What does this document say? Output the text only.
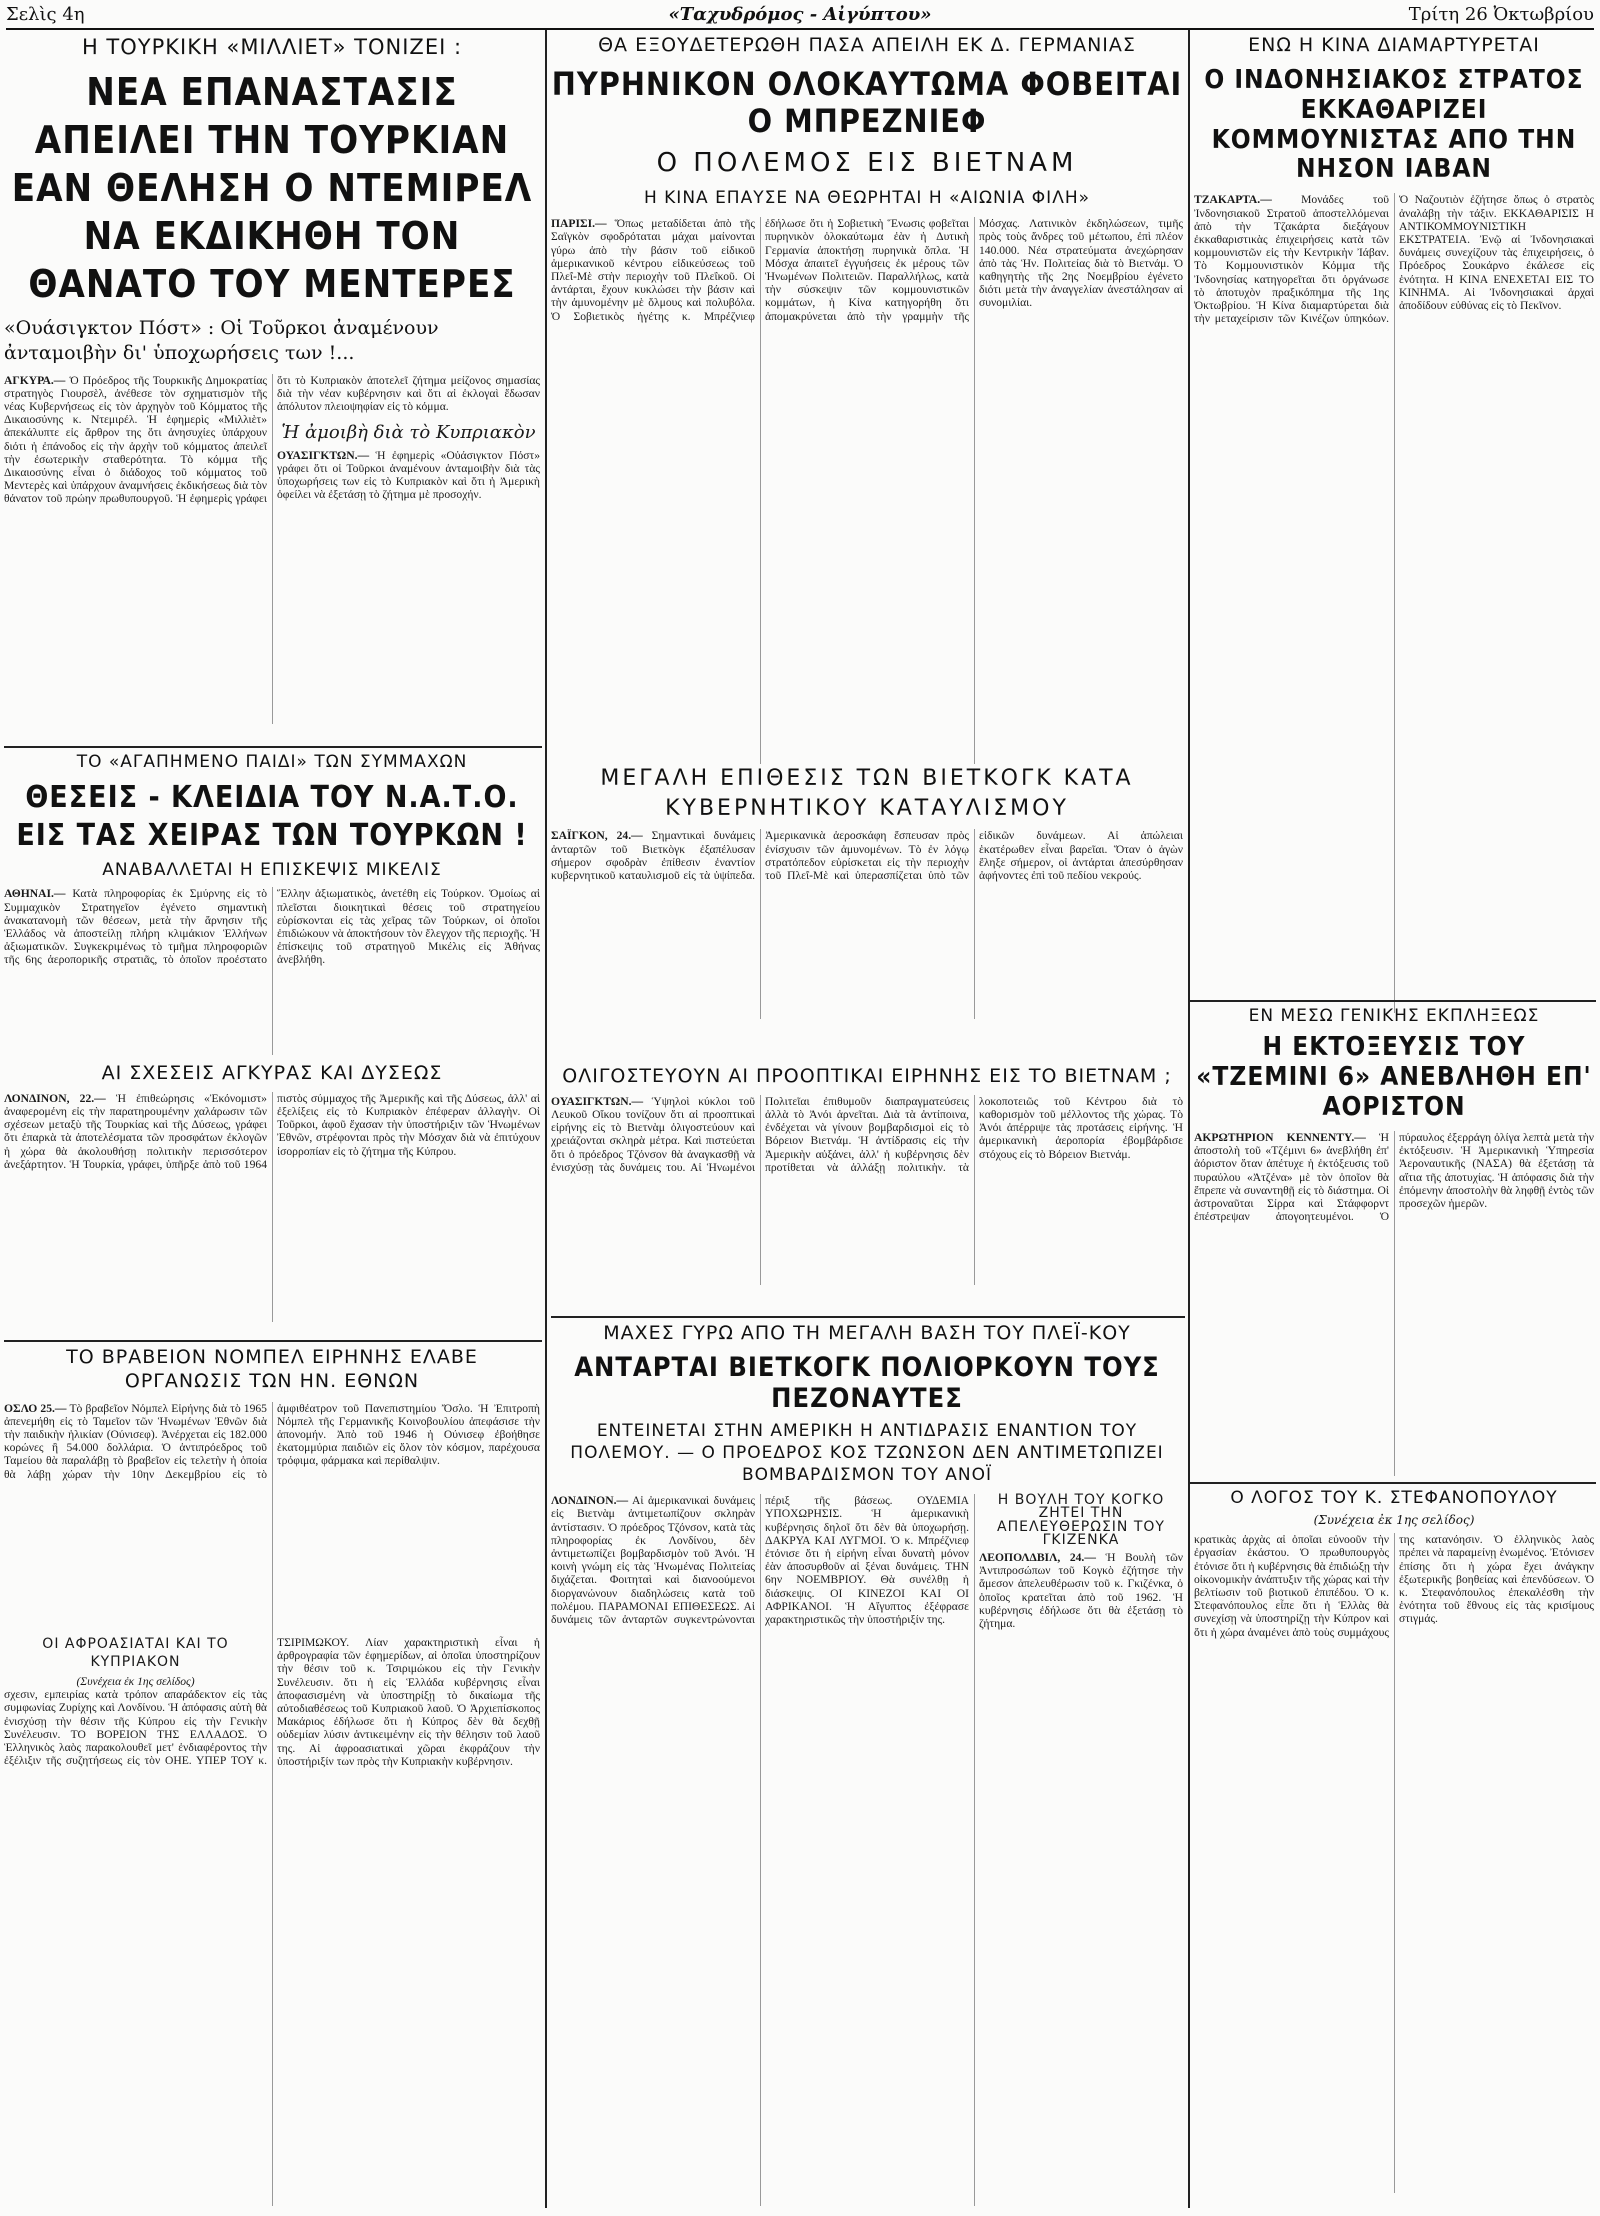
Σελὶς 4η	«Ταχυδρόμος - Αἰγύπτου»	Τρίτη 26 Ὀκτωβρίου
Η ΤΟΥΡΚΙΚΗ «ΜΙΛΛΙΕΤ» ΤΟΝΙΖΕΙ :
ΝΕΑ ΕΠΑΝΑΣΤΑΣΙΣ ΑΠΕΙΛΕΙ ΤΗΝ ΤΟΥΡΚΙΑΝ ΕΑΝ ΘΕΛΗΣΗ Ο ΝΤΕΜΙΡΕΛ ΝΑ ΕΚΔΙΚΗΘΗ ΤΟΝ ΘΑΝΑΤΟ ΤΟΥ ΜΕΝΤΕΡΕΣ
«Ουάσιγκτον Πόστ» : Οἱ Τοῦρκοι ἀναμένουν ἀνταμοιβὴν δι' ὑποχωρήσεις των !...
ΑΓΚΥΡΑ.— Ὁ Πρόεδρος τῆς Τουρκικῆς Δημοκρατίας στρατηγὸς Γιουρσὲλ, ἀνέθεσε τὸν σχηματισμὸν τῆς νέας Κυβερνήσεως εἰς τὸν ἀρχηγὸν τοῦ Κόμματος τῆς Δικαιοσύνης κ. Ντεμιρέλ. Ἡ ἐφημερὶς «Μιλλιὲτ» ἀπεκάλυπτε εἰς ἄρθρον της ὅτι ἀνησυχίες ὑπάρχουν διότι ἡ ἐπάνοδος εἰς τὴν ἀρχὴν τοῦ κόμματος ἀπειλεῖ τὴν ἐσωτερικὴν σταθερότητα. Τὸ κόμμα τῆς Δικαιοσύνης εἶναι ὁ διάδοχος τοῦ κόμματος τοῦ Μεντερὲς καὶ ὑπάρχουν ἀναμνήσεις ἐκδικήσεως διὰ τὸν θάνατον τοῦ πρώην πρωθυπουργοῦ. Ἡ ἐφημερὶς γράφει ὅτι τὸ Κυπριακὸν ἀποτελεῖ ζήτημα μείζονος σημασίας διὰ τὴν νέαν κυβέρνησιν καὶ ὅτι αἱ ἐκλογαὶ ἔδωσαν ἀπόλυτον πλειοψηφίαν εἰς τὸ κόμμα.
Ἡ ἀμοιβὴ διὰ τὸ Κυπριακὸν
ΟΥΑΣΙΓΚΤΩΝ.— Ἡ ἐφημερὶς «Οὐάσιγκτον Πόστ» γράφει ὅτι οἱ Τοῦρκοι ἀναμένουν ἀνταμοιβὴν διὰ τὰς ὑποχωρήσεις των εἰς τὸ Κυπριακὸν καὶ ὅτι ἡ Ἀμερικὴ ὀφείλει νὰ ἐξετάσῃ τὸ ζήτημα μὲ προσοχήν.
ΤΟ «ΑΓΑΠΗΜΕΝΟ ΠΑΙΔΙ» ΤΩΝ ΣΥΜΜΑΧΩΝ
ΘΕΣΕΙΣ - ΚΛΕΙΔΙΑ ΤΟΥ Ν.Α.Τ.Ο. ΕΙΣ ΤΑΣ ΧΕΙΡΑΣ ΤΩΝ ΤΟΥΡΚΩΝ !
ΑΝΑΒΑΛΛΕΤΑΙ Η ΕΠΙΣΚΕΨΙΣ ΜΙΚΕΛΙΣ
ΑΘΗΝΑΙ.— Κατὰ πληροφορίας ἐκ Σμύρνης εἰς τὸ Συμμαχικὸν Στρατηγεῖον ἐγένετο σημαντικὴ ἀνακατανομὴ τῶν θέσεων, μετὰ τὴν ἄρνησιν τῆς Ἑλλάδος νὰ ἀποστείλῃ πλήρη κλιμάκιον Ἑλλήνων ἀξιωματικῶν. Συγκεκριμένως τὸ τμῆμα πληροφοριῶν τῆς 6ης ἀεροπορικῆς στρατιᾶς, τὸ ὁποῖον προέστατο Ἕλλην ἀξιωματικὸς, ἀνετέθη εἰς Τούρκον. Ὁμοίως αἱ πλεῖσται διοικητικαὶ θέσεις τοῦ στρατηγείου εὑρίσκονται εἰς τὰς χεῖρας τῶν Τούρκων, οἱ ὁποῖοι ἐπιδιώκουν νὰ ἀποκτήσουν τὸν ἔλεγχον τῆς περιοχῆς. Ἡ ἐπίσκεψις τοῦ στρατηγοῦ Μικέλις εἰς Ἀθήνας ἀνεβλήθη.
ΑΙ ΣΧΕΣΕΙΣ ΑΓΚΥΡΑΣ ΚΑΙ ΔΥΣΕΩΣ
ΛΟΝΔΙΝΟΝ, 22.— Ἡ ἐπιθεώρησις «Ἐκόνομιστ» ἀναφερομένη εἰς τὴν παρατηρουμένην χαλάρωσιν τῶν σχέσεων μεταξὺ τῆς Τουρκίας καὶ τῆς Δύσεως, γράφει ὅτι ἐπαρκὰ τὰ ἀποτελέσματα τῶν προσφάτων ἐκλογῶν ἡ χώρα θὰ ἀκολουθήσῃ πολιτικὴν περισσότερον ἀνεξάρτητον. Ἡ Τουρκία, γράφει, ὑπῆρξε ἀπὸ τοῦ 1964 πιστὸς σύμμαχος τῆς Ἀμερικῆς καὶ τῆς Δύσεως, ἀλλ' αἱ ἐξελίξεις εἰς τὸ Κυπριακὸν ἐπέφεραν ἀλλαγὴν. Οἱ Τοῦρκοι, ἀφοῦ ἔχασαν τὴν ὑποστήριξιν τῶν Ἡνωμένων Ἐθνῶν, στρέφονται πρὸς τὴν Μόσχαν διὰ νὰ ἐπιτύχουν ἰσορροπίαν εἰς τὸ ζήτημα τῆς Κύπρου.
ΤΟ ΒΡΑΒΕΙΟΝ ΝΟΜΠΕΛ ΕΙΡΗΝΗΣ ΕΛΑΒΕ ΟΡΓΑΝΩΣΙΣ ΤΩΝ ΗΝ. ΕΘΝΩΝ
ΟΣΛΟ 25.— Τὸ βραβεῖον Νόμπελ Εἰρήνης διὰ τὸ 1965 ἀπενεμήθη εἰς τὸ Ταμεῖον τῶν Ἡνωμένων Ἐθνῶν διὰ τὴν παιδικὴν ἡλικίαν (Ούνισεφ). Ἀνέρχεται εἰς 182.000 κορώνες ἢ 54.000 δολλάρια. Ὁ ἀντιπρόεδρος τοῦ Ταμείου θὰ παραλάβῃ τὸ βραβεῖον εἰς τελετὴν ἡ ὁποία θὰ λάβῃ χώραν τὴν 10ην Δεκεμβρίου εἰς τὸ ἀμφιθέατρον τοῦ Πανεπιστημίου Ὄσλο. Ἡ Ἐπιτροπὴ Νόμπελ τῆς Γερμανικῆς Κοινοβουλίου ἀπεφάσισε τὴν ἀπονομήν. Ἀπὸ τοῦ 1946 ἡ Ούνισεφ ἐβοήθησε ἑκατομμύρια παιδιῶν εἰς ὅλον τὸν κόσμον, παρέχουσα τρόφιμα, φάρμακα καὶ περίθαλψιν.
ΟΙ ΑΦΡΟΑΣΙΑΤΑΙ ΚΑΙ ΤΟ ΚΥΠΡΙΑΚΟΝ
(Συνέχεια ἐκ 1ης σελίδος)
σχεσιν, εμπειρίας κατὰ τρόπον απαράδεκτον εἰς τὰς συμφωνίας Ζυρίχης καὶ Λονδίνου. Ἡ ἀπόφασις αὐτὴ θὰ ἐνισχύσῃ τὴν θέσιν τῆς Κύπρου εἰς τὴν Γενικὴν Συνέλευσιν. ΤΟ ΒΟΡΕΙΟΝ ΤΗΣ ΕΛΛΑΔΟΣ. Ὁ Ἑλληνικὸς λαὸς παρακολουθεῖ μετ' ἐνδιαφέροντος τὴν ἐξέλιξιν τῆς συζητήσεως εἰς τὸν ΟΗΕ. ΥΠΕΡ ΤΟΥ κ. ΤΣΙΡΙΜΩΚΟΥ. Λίαν χαρακτηριστικὴ εἶναι ἡ ἀρθρογραφία τῶν ἐφημερίδων, αἱ ὁποῖαι ὑποστηρίζουν τὴν θέσιν τοῦ κ. Τσιριμώκου εἰς τὴν Γενικὴν Συνέλευσιν. ὅτι ἡ εἰς Ἑλλάδα κυβέρνησις εἶναι ἀποφασισμένη νὰ ὑποστηρίξῃ τὸ δικαίωμα τῆς αὐτοδιαθέσεως τοῦ Κυπριακοῦ λαοῦ. Ὁ Ἀρχιεπίσκοπος Μακάριος ἐδήλωσε ὅτι ἡ Κύπρος δὲν θὰ δεχθῇ οὐδεμίαν λύσιν ἀντικειμένην εἰς τὴν θέλησιν τοῦ λαοῦ της. Αἱ ἀφροασιατικαὶ χῶραι ἐκφράζουν τὴν ὑποστήριξίν των πρὸς τὴν Κυπριακὴν κυβέρνησιν.
ΘΑ ΕΞΟΥΔΕΤΕΡΩΘΗ ΠΑΣΑ ΑΠΕΙΛΗ ΕΚ Δ. ΓΕΡΜΑΝΙΑΣ
ΠΥΡΗΝΙΚΟΝ ΟΛΟΚΑΥΤΩΜΑ ΦΟΒΕΙΤΑΙ Ο ΜΠΡΕΖΝΙΕΦ
Ο ΠΟΛΕΜΟΣ ΕΙΣ ΒΙΕΤΝΑΜ
Η ΚΙΝΑ ΕΠΑΥΣΕ ΝΑ ΘΕΩΡΗΤΑΙ Η «ΑΙΩΝΙΑ ΦΙΛΗ»
ΠΑΡΙΣΙ.— Ὅπως μεταδίδεται ἀπὸ τῆς Σαϊγκὸν σφοδρόταται μάχαι μαίνονται γύρω ἀπὸ τὴν βάσιν τοῦ εἰδικοῦ ἀμερικανικοῦ κέντρου εἰδικεύσεως τοῦ Πλεΐ-Μὲ στὴν περιοχὴν τοῦ Πλεΐκοῦ. Οἱ ἀντάρται, ἔχουν κυκλώσει τὴν βάσιν καὶ τὴν ἀμυνομένην μὲ ὅλμους καὶ πολυβόλα. Ὁ Σοβιετικὸς ἡγέτης κ. Μπρέζνιεφ ἐδήλωσε ὅτι ἡ Σοβιετικὴ Ἕνωσις φοβεῖται πυρηνικὸν ὁλοκαύτωμα ἐὰν ἡ Δυτικὴ Γερμανία ἀποκτήσῃ πυρηνικὰ ὅπλα. Ἡ Μόσχα ἀπαιτεῖ ἐγγυήσεις ἐκ μέρους τῶν Ἡνωμένων Πολιτειῶν. Παραλλήλως, κατὰ τὴν σύσκεψιν τῶν κομμουνιστικῶν κομμάτων, ἡ Κίνα κατηγορήθη ὅτι ἀπομακρύνεται ἀπὸ τὴν γραμμὴν τῆς Μόσχας. Λατινικὸν ἐκδηλώσεων, τιμῆς πρὸς τοὺς ἄνδρες τοῦ μέτωπου, ἐπὶ πλέον 140.000. Νέα στρατεύματα ἀνεχώρησαν ἀπὸ τὰς Ἡν. Πολιτείας διὰ τὸ Βιετνάμ. Ὁ καθηγητὴς τῆς 2ης Νοεμβρίου ἐγένετο διότι μετὰ τὴν ἀναγγελίαν ἀνεστάλησαν αἱ συνομιλίαι.
ΜΕΓΑΛΗ ΕΠΙΘΕΣΙΣ ΤΩΝ ΒΙΕΤΚΟΓΚ ΚΑΤΑ ΚΥΒΕΡΝΗΤΙΚΟΥ ΚΑΤΑΥΛΙΣΜΟΥ
ΣΑΪΓΚΟΝ, 24.— Σημαντικαὶ δυνάμεις ἀνταρτῶν τοῦ Βιετκὸγκ ἐξαπέλυσαν σήμερον σφοδρὰν ἐπίθεσιν ἐναντίον κυβερνητικοῦ καταυλισμοῦ εἰς τὰ ὑψίπεδα. Ἀμερικανικὰ ἀεροσκάφη ἔσπευσαν πρὸς ἐνίσχυσιν τῶν ἀμυνομένων. Τὸ ἐν λόγῳ στρατόπεδον εὑρίσκεται εἰς τὴν περιοχὴν τοῦ Πλεΐ-Μὲ καὶ ὑπερασπίζεται ὑπὸ τῶν εἰδικῶν δυνάμεων. Αἱ ἀπώλειαι ἑκατέρωθεν εἶναι βαρεῖαι. Ὅταν ὁ ἀγὼν ἔληξε σήμερον, οἱ ἀντάρται ἀπεσύρθησαν ἀφήνοντες ἐπὶ τοῦ πεδίου νεκρούς.
ΟΛΙΓΟΣΤΕΥΟΥΝ ΑΙ ΠΡΟΟΠΤΙΚΑΙ ΕΙΡΗΝΗΣ ΕΙΣ ΤΟ ΒΙΕΤΝΑΜ ;
ΟΥΑΣΙΓΚΤΩΝ.— Ὑψηλοὶ κύκλοι τοῦ Λευκοῦ Οἴκου τονίζουν ὅτι αἱ προοπτικαὶ εἰρήνης εἰς τὸ Βιετνὰμ ὀλιγοστεύουν καὶ χρειάζονται σκληρὰ μέτρα. Καὶ πιστεύεται ὅτι ὁ πρόεδρος Τζόνσον θὰ ἀναγκασθῇ νὰ ἐνισχύσῃ τὰς δυνάμεις του. Αἱ Ἡνωμένοι Πολιτεῖαι ἐπιθυμοῦν διαπραγματεύσεις ἀλλὰ τὸ Ἀνόι ἀρνεῖται. Διὰ τὰ ἀντίποινα, ἐνδέχεται νὰ γίνουν βομβαρδισμοὶ εἰς τὸ Βόρειον Βιετνάμ. Ἡ ἀντίδρασις εἰς τὴν Ἀμερικὴν αὐξάνει, ἀλλ' ἡ κυβέρνησις δὲν προτίθεται νὰ ἀλλάξῃ πολιτικὴν. τὰ λοκοποτειῶς τοῦ Κέντρου διὰ τὸ καθορισμὸν τοῦ μέλλοντος τῆς χώρας. Τὸ Ἀνόι ἀπέρριψε τὰς προτάσεις εἰρήνης. Ἡ ἀμερικανικὴ ἀεροπορία ἐβομβάρδισε στόχους εἰς τὸ Βόρειον Βιετνάμ.
ΜΑΧΕΣ ΓΥΡΩ ΑΠΟ ΤΗ ΜΕΓΑΛΗ ΒΑΣΗ ΤΟΥ ΠΛΕΪ-ΚΟΥ
ΑΝΤΑΡΤΑΙ ΒΙΕΤΚΟΓΚ ΠΟΛΙΟΡΚΟΥΝ ΤΟΥΣ ΠΕΖΟΝΑΥΤΕΣ
ΕΝΤΕΙΝΕΤΑΙ ΣΤΗΝ ΑΜΕΡΙΚΗ Η ΑΝΤΙΔΡΑΣΙΣ ΕΝΑΝΤΙΟΝ ΤΟΥ ΠΟΛΕΜΟΥ. — Ο ΠΡΟΕΔΡΟΣ ΚΟΣ ΤΖΩΝΣΟΝ ΔΕΝ ΑΝΤΙΜΕΤΩΠΙΖΕΙ ΒΟΜΒΑΡΔΙΣΜΟΝ ΤΟΥ ΑΝΟΪ
ΛΟΝΔΙΝΟΝ.— Αἱ ἀμερικανικαὶ δυνάμεις εἰς Βιετνὰμ ἀντιμετωπίζουν σκληρὰν ἀντίστασιν. Ὁ πρόεδρος Τζόνσον, κατὰ τὰς πληροφορίας ἐκ Λονδίνου, δὲν ἀντιμετωπίζει βομβαρδισμὸν τοῦ Ἀνόι. Ἡ κοινὴ γνώμη εἰς τὰς Ἡνωμένας Πολιτείας διχάζεται. Φοιτηταὶ καὶ διανοούμενοι διοργανώνουν διαδηλώσεις κατὰ τοῦ πολέμου. ΠΑΡΑΜΟΝΑΙ ΕΠΙΘΕΣΕΩΣ. Αἱ δυνάμεις τῶν ἀνταρτῶν συγκεντρώνονται πέριξ τῆς βάσεως. ΟΥΔΕΜΙΑ ΥΠΟΧΩΡΗΣΙΣ. Ἡ ἀμερικανικὴ κυβέρνησις δηλοῖ ὅτι δὲν θὰ ὑποχωρήσῃ. ΔΑΚΡΥΑ ΚΑΙ ΛΥΓΜΟΙ. Ὁ κ. Μπρέζνιεφ ἐτόνισε ὅτι ἡ εἰρήνη εἶναι δυνατὴ μόνον ἐὰν ἀποσυρθοῦν αἱ ξέναι δυνάμεις. ΤΗΝ 6ην ΝΟΕΜΒΡΙΟΥ. Θὰ συνέλθῃ ἡ διάσκεψις. ΟΙ ΚΙΝΕΖΟΙ ΚΑΙ ΟΙ ΑΦΡΙΚΑΝΟΙ. Ἡ Αἴγυπτος ἐξέφρασε χαρακτηριστικῶς τὴν ὑποστήριξίν της.
Η ΒΟΥΛΗ ΤΟΥ ΚΟΓΚΟ ΖΗΤΕΙ ΤΗΝ ΑΠΕΛΕΥΘΕΡΩΣΙΝ ΤΟΥ ΓΚΙΖΕΝΚΑ
ΛΕΟΠΟΛΔΒΙΛ, 24.— Ἡ Βουλὴ τῶν Ἀντιπροσώπων τοῦ Κογκὸ ἐζήτησε τὴν ἄμεσον ἀπελευθέρωσιν τοῦ κ. Γκιζένκα, ὁ ὁποῖος κρατεῖται ἀπὸ τοῦ 1962. Ἡ κυβέρνησις ἐδήλωσε ὅτι θὰ ἐξετάσῃ τὸ ζήτημα.
ΕΝΩ Η ΚΙΝΑ ΔΙΑΜΑΡΤΥΡΕΤΑΙ
Ο ΙΝΔΟΝΗΣΙΑΚΟΣ ΣΤΡΑΤΟΣ ΕΚΚΑΘΑΡΙΖΕΙ ΚΟΜΜΟΥΝΙΣΤΑΣ ΑΠΟ ΤΗΝ ΝΗΣΟΝ ΙΑΒΑΝ
ΤΖΑΚΑΡΤΑ.—	Μονάδες τοῦ Ἰνδονησιακοῦ Στρατοῦ ἀποστελλόμεναι ἀπὸ τὴν Τζακάρτα διεξάγουν ἐκκαθαριστικὰς ἐπιχειρήσεις κατὰ τῶν κομμουνιστῶν εἰς τὴν Κεντρικὴν Ἰάβαν. Τὸ Κομμουνιστικὸν Κόμμα τῆς Ἰνδονησίας κατηγορεῖται ὅτι ὀργάνωσε τὸ ἀποτυχὸν πραξικόπημα τῆς 1ης Ὀκτωβρίου. Ἡ Κίνα διαμαρτύρεται διὰ τὴν μεταχείρισιν τῶν Κινέζων ὑπηκόων. Ὁ Ναζουτιὸν ἐζήτησε ὅπως ὁ στρατὸς ἀναλάβῃ τὴν τάξιν. ΕΚΚΑΘΑΡΙΣΙΣ Η ΑΝΤΙΚΟΜΜΟΥΝΙΣΤΙΚΗ ΕΚΣΤΡΑΤΕΙΑ. Ἐνῷ αἱ Ἰνδονησιακαὶ δυνάμεις συνεχίζουν τὰς ἐπιχειρήσεις, ὁ Πρόεδρος Σουκάρνο ἐκάλεσε εἰς ἑνότητα. Η ΚΙΝΑ ΕΝΕΧΕΤΑΙ ΕΙΣ ΤΟ ΚΙΝΗΜΑ. Αἱ Ἰνδονησιακαὶ ἀρχαὶ ἀποδίδουν εὐθύνας εἰς τὸ Πεκῖνον.
ΕΝ ΜΕΣΩ ΓΕΝΙΚΗΣ ΕΚΠΛΗΞΕΩΣ
Η ΕΚΤΟΞΕΥΣΙΣ ΤΟΥ «ΤΖΕΜΙΝΙ 6» ΑΝΕΒΛΗΘΗ ΕΠ' ΑΟΡΙΣΤΟΝ
ΑΚΡΩΤΗΡΙΟΝ ΚΕΝΝΕΝΤΥ.— Ἡ ἀποστολὴ τοῦ «Τζέμινι 6» ἀνεβλήθη ἐπ' ἀόριστον ὅταν ἀπέτυχε ἡ ἐκτόξευσις τοῦ πυραύλου «Ἀτζένα» μὲ τὸν ὁποῖον θὰ ἔπρεπε νὰ συναντηθῇ εἰς τὸ διάστημα. Οἱ ἀστροναῦται Σίρρα καὶ Στάφφορντ ἐπέστρεψαν ἀπογοητευμένοι. Ὁ πύραυλος ἐξερράγη ὀλίγα λεπτὰ μετὰ τὴν ἐκτόξευσιν. Ἡ Ἀμερικανικὴ Ὑπηρεσία Ἀεροναυτικῆς (ΝΑΣΑ) θὰ ἐξετάσῃ τὰ αἴτια τῆς ἀποτυχίας. Ἡ ἀπόφασις διὰ τὴν ἐπόμενην ἀποστολὴν θὰ ληφθῇ ἐντὸς τῶν προσεχῶν ἡμερῶν.
Ο ΛΟΓΟΣ ΤΟΥ Κ. ΣΤΕΦΑΝΟΠΟΥΛΟΥ
(Συνέχεια ἐκ 1ης σελίδος)
κρατικὰς ἀρχὰς αἱ ὁποῖαι εὐνοοῦν τὴν ἐργασίαν ἑκάστου. Ὁ πρωθυπουργὸς ἐτόνισε ὅτι ἡ κυβέρνησις θὰ ἐπιδιώξῃ τὴν οἰκονομικὴν ἀνάπτυξιν τῆς χώρας καὶ τὴν βελτίωσιν τοῦ βιοτικοῦ ἐπιπέδου. Ὁ κ. Στεφανόπουλος εἶπε ὅτι ἡ Ἑλλὰς θὰ συνεχίσῃ νὰ ὑποστηρίζῃ τὴν Κύπρον καὶ ὅτι ἡ χώρα ἀναμένει ἀπὸ τοὺς συμμάχους της κατανόησιν. Ὁ ἑλληνικὸς λαὸς πρέπει νὰ παραμείνῃ ἑνωμένος. Ἐτόνισεν ἐπίσης ὅτι ἡ χώρα ἔχει ἀνάγκην ἐξωτερικῆς βοηθείας καὶ ἐπενδύσεων. Ὁ κ. Στεφανόπουλος ἐπεκαλέσθη τὴν ἑνότητα τοῦ ἔθνους εἰς τὰς κρισίμους στιγμάς.
